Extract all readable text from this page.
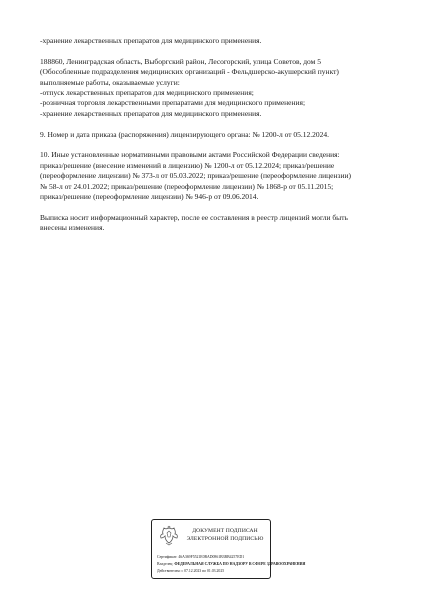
-хранение лекарственных препаратов для медицинского применения.
188860, Ленинградская область, Выборгский район, Лесогорский, улица Советов, дом 5
(Обособленные подразделения медицинских организаций - Фельдшерско-акушерский пункт)
выполняемые работы, оказываемые услуги:
-отпуск лекарственных препаратов для медицинского применения;
-розничная торговля лекарственными препаратами для медицинского применения;
-хранение лекарственных препаратов для медицинского применения.
9. Номер и дата приказа (распоряжения) лицензирующего органа: № 1200-л от 05.12.2024.
10. Иные установленные нормативными правовыми актами Российской Федерации сведения:
приказ/решение (внесение изменений в лицензию) № 1200-л от 05.12.2024; приказ/решение
(переоформление лицензии) № 373-л от 05.03.2022; приказ/решение (переоформление лицензии)
№ 58-л от 24.01.2022; приказ/решение (переоформление лицензии) № 1868-р от 05.11.2015;
приказ/решение (переоформление лицензии) № 946-р от 09.06.2014.
Выписка носит информационный характер, после ее составления в реестр лицензий могли быть
внесены изменения.
ДОКУМЕНТ ПОДПИСАН
ЭЛЕКТРОННОЙ ПОДПИСЬЮ
Сертификат: 46A369F5521E0BAD0861B3BB4257ED1
Владелец: ФЕДЕРАЛЬНАЯ СЛУЖБА ПО НАДЗОРУ В СФЕРЕ ЗДРАВООХРАНЕНИЯ
Действителен: с 07.12.2023 по 01.03.2025
